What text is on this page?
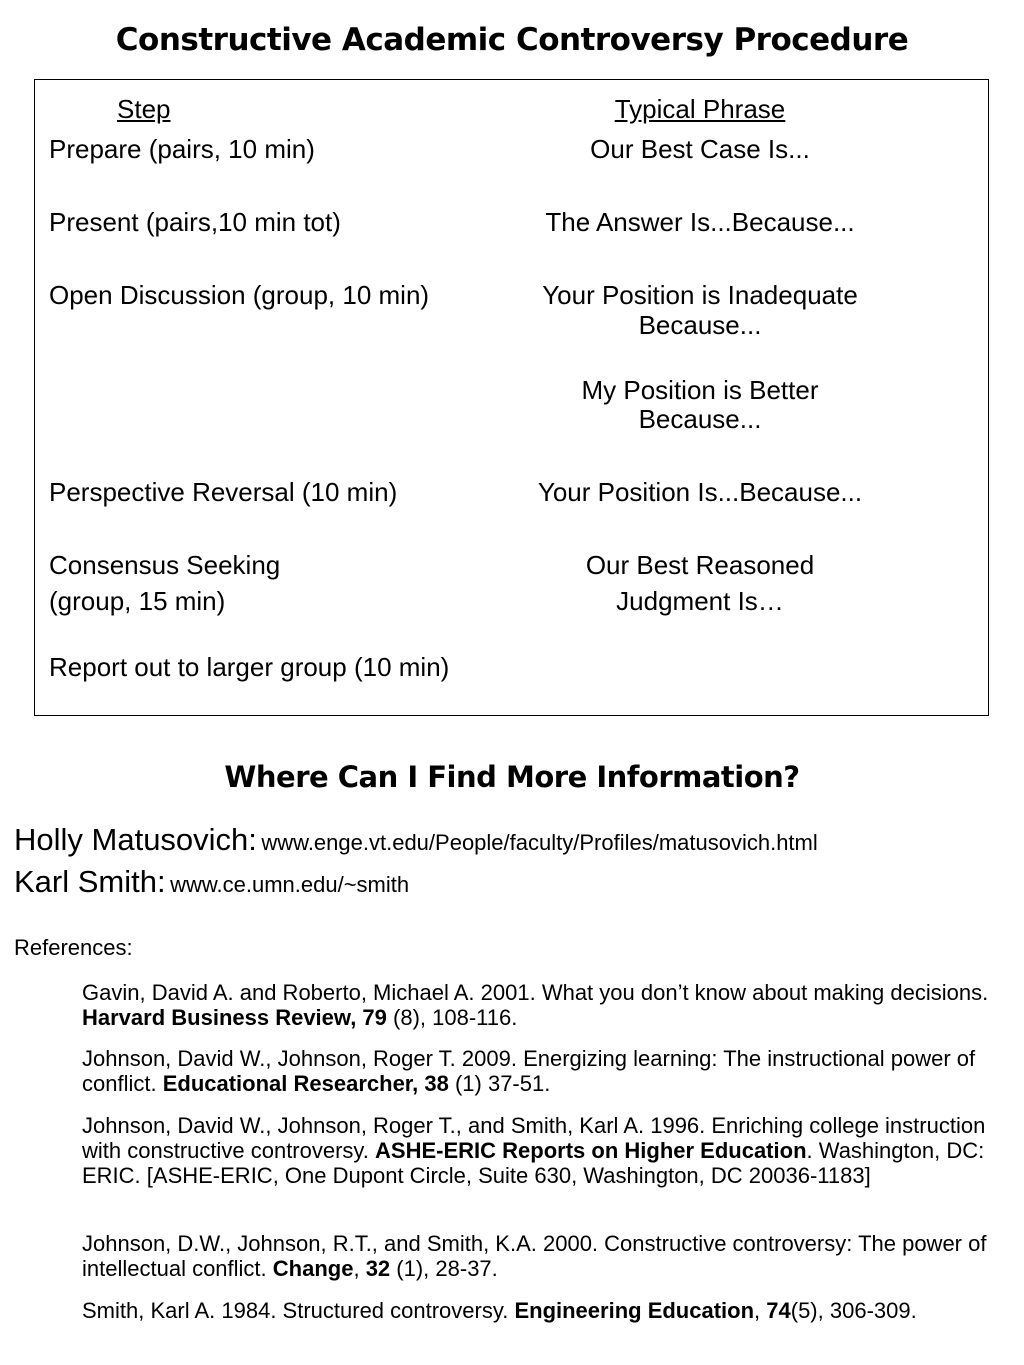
Constructive Academic Controversy Procedure
Step	Typical Phrase
Prepare (pairs, 10 min)	Our Best Case Is...
Present (pairs,10 min tot)	The Answer Is...Because...
Open Discussion (group, 10 min)	Your Position is Inadequate
Because...
My Position is Better
Because...
Perspective Reversal (10 min)	Your Position Is...Because...
Consensus Seeking	Our Best Reasoned
(group, 15 min)	Judgment Is…
Report out to larger group (10 min)
Where Can I Find More Information?
Holly Matusovich: www.enge.vt.edu/People/faculty/Profiles/matusovich.html
Karl Smith: www.ce.umn.edu/~smith
References:
Gavin, David A. and Roberto, Michael A. 2001. What you don’t know about making decisions. Harvard Business Review, 79 (8), 108-116.
Johnson, David W., Johnson, Roger T. 2009. Energizing learning: The instructional power of conflict. Educational Researcher, 38 (1) 37-51.
Johnson, David W., Johnson, Roger T., and Smith, Karl A. 1996. Enriching college instruction with constructive controversy. ASHE-ERIC Reports on Higher Education. Washington, DC: ERIC. [ASHE-ERIC, One Dupont Circle, Suite 630, Washington, DC 20036-1183]
Johnson, D.W., Johnson, R.T., and Smith, K.A. 2000. Constructive controversy: The power of intellectual conflict. Change, 32 (1), 28-37.
Smith, Karl A. 1984. Structured controversy. Engineering Education, 74(5), 306-309.
